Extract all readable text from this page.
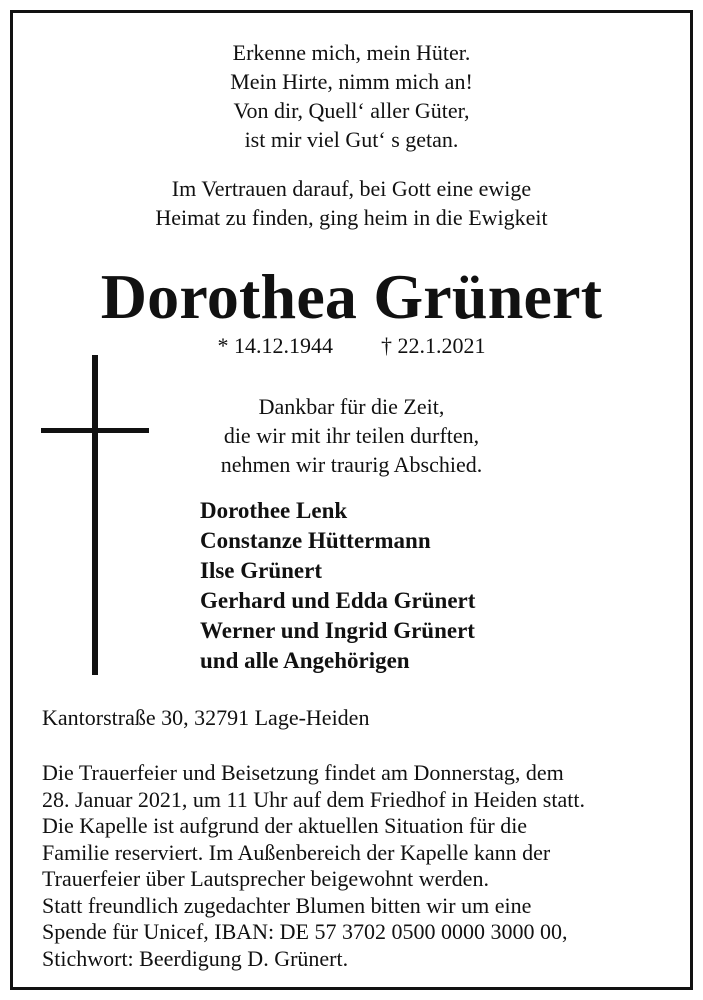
Erkenne mich, mein Hüter.
Mein Hirte, nimm mich an!
Von dir, Quell‘ aller Güter,
ist mir viel Gut‘ s getan.
Im Vertrauen darauf, bei Gott eine ewige
Heimat zu finden, ging heim in die Ewigkeit
Dorothea Grünert
* 14.12.1944 † 22.1.2021
Dankbar für die Zeit,
die wir mit ihr teilen durften,
nehmen wir traurig Abschied.
Dorothee Lenk
Constanze Hüttermann
Ilse Grünert
Gerhard und Edda Grünert
Werner und Ingrid Grünert
und alle Angehörigen
Kantorstraße 30, 32791 Lage-Heiden
Die Trauerfeier und Beisetzung findet am Donnerstag, dem
28. Januar 2021, um 11 Uhr auf dem Friedhof in Heiden statt.
Die Kapelle ist aufgrund der aktuellen Situation für die
Familie reserviert. Im Außenbereich der Kapelle kann der
Trauerfeier über Lautsprecher beigewohnt werden.
Statt freundlich zugedachter Blumen bitten wir um eine
Spende für Unicef, IBAN: DE 57 3702 0500 0000 3000 00,
Stichwort: Beerdigung D. Grünert.
